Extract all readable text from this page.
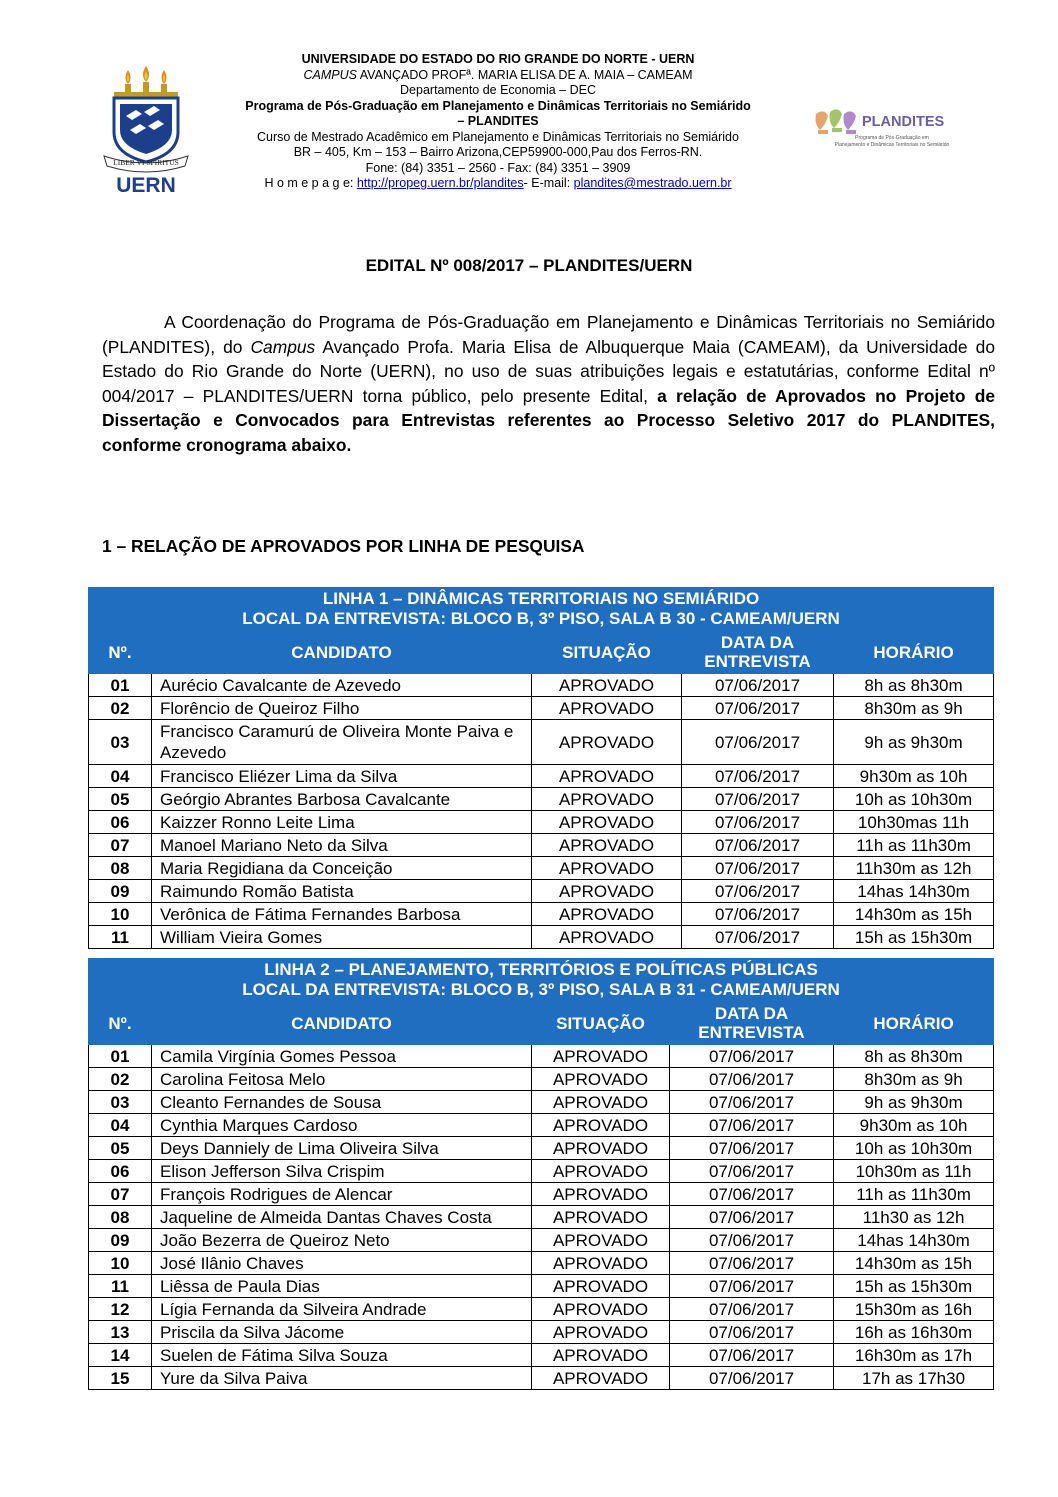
LIBER VI SPIRITUS
UERN
UNIVERSIDADE DO ESTADO DO RIO GRANDE DO NORTE - UERN
CAMPUS AVANÇADO PROFª. MARIA ELISA DE A. MAIA – CAMEAM
Departamento de Economia – DEC
Programa de Pós-Graduação em Planejamento e Dinâmicas Territoriais no Semiárido
– PLANDITES
Curso de Mestrado Acadêmico em Planejamento e Dinâmicas Territoriais no Semiárido
BR – 405, Km – 153 – Bairro Arizona,CEP59900-000,Pau dos Ferros-RN.
Fone: (84) 3351 – 2560 - Fax: (84) 3351 – 3909
H o m e p a g e: http://propeg.uern.br/plandites- E-mail: plandites@mestrado.uern.br
PLANDITES
Programa de Pós-Graduação em
Planejamento e Dinâmicas Territoriais no Semiárido
EDITAL Nº 008/2017 – PLANDITES/UERN
A Coordenação do Programa de Pós-Graduação em Planejamento e Dinâmicas Territoriais no Semiárido (PLANDITES), do Campus Avançado Profa. Maria Elisa de Albuquerque Maia (CAMEAM), da Universidade do Estado do Rio Grande do Norte (UERN), no uso de suas atribuições legais e estatutárias, conforme Edital nº 004/2017 – PLANDITES/UERN torna público, pelo presente Edital, a relação de Aprovados no Projeto de Dissertação e Convocados para Entrevistas referentes ao Processo Seletivo 2017 do PLANDITES, conforme cronograma abaixo.
1 – RELAÇÃO DE APROVADOS POR LINHA DE PESQUISA
LINHA 1 – DINÂMICAS TERRITORIAIS NO SEMIÁRIDO
LOCAL DA ENTREVISTA: BLOCO B, 3º PISO, SALA B 30 - CAMEAM/UERN				

Nº.	CANDIDATO	SITUAÇÃO	DATA DA ENTREVISTA	HORÁRIO
01	Aurécio Cavalcante de Azevedo	APROVADO	07/06/2017	8h as 8h30m
02	Florêncio de Queiroz Filho	APROVADO	07/06/2017	8h30m as 9h
03	Francisco Caramurú de Oliveira Monte Paiva e Azevedo	APROVADO	07/06/2017	9h as 9h30m
04	Francisco Eliézer Lima da Silva	APROVADO	07/06/2017	9h30m as 10h
05	Geórgio Abrantes Barbosa Cavalcante	APROVADO	07/06/2017	10h as 10h30m
06	Kaizzer Ronno Leite Lima	APROVADO	07/06/2017	10h30mas 11h
07	Manoel Mariano Neto da Silva	APROVADO	07/06/2017	11h as 11h30m
08	Maria Regidiana da Conceição	APROVADO	07/06/2017	11h30m as 12h
09	Raimundo Romão Batista	APROVADO	07/06/2017	14has 14h30m
10	Verônica de Fátima Fernandes Barbosa	APROVADO	07/06/2017	14h30m as 15h
11	William Vieira Gomes	APROVADO	07/06/2017	15h as 15h30m
LINHA 2 – PLANEJAMENTO, TERRITÓRIOS E POLÍTICAS PÚBLICAS
LOCAL DA ENTREVISTA: BLOCO B, 3º PISO, SALA B 31 - CAMEAM/UERN				

Nº.	CANDIDATO	SITUAÇÃO	DATA DA ENTREVISTA	HORÁRIO
01	Camila Virgínia Gomes Pessoa	APROVADO	07/06/2017	8h as 8h30m
02	Carolina Feitosa Melo	APROVADO	07/06/2017	8h30m as 9h
03	Cleanto Fernandes de Sousa	APROVADO	07/06/2017	9h as 9h30m
04	Cynthia Marques Cardoso	APROVADO	07/06/2017	9h30m as 10h
05	Deys Dannielу de Lima Oliveira Silva	APROVADO	07/06/2017	10h as 10h30m
06	Elison Jefferson Silva Crispim	APROVADO	07/06/2017	10h30m as 11h
07	François Rodrigues de Alencar	APROVADO	07/06/2017	11h as 11h30m
08	Jaqueline de Almeida Dantas Chaves Costa	APROVADO	07/06/2017	11h30 as 12h
09	João Bezerra de Queiroz Neto	APROVADO	07/06/2017	14has 14h30m
10	José Ilânio Chaves	APROVADO	07/06/2017	14h30m as 15h
11	Liêssa de Paula Dias	APROVADO	07/06/2017	15h as 15h30m
12	Lígia Fernanda da Silveira Andrade	APROVADO	07/06/2017	15h30m as 16h
13	Priscila da Silva Jácome	APROVADO	07/06/2017	16h as 16h30m
14	Suelen de Fátima Silva Souza	APROVADO	07/06/2017	16h30m as 17h
15	Yure da Silva Paiva	APROVADO	07/06/2017	17h as 17h30
